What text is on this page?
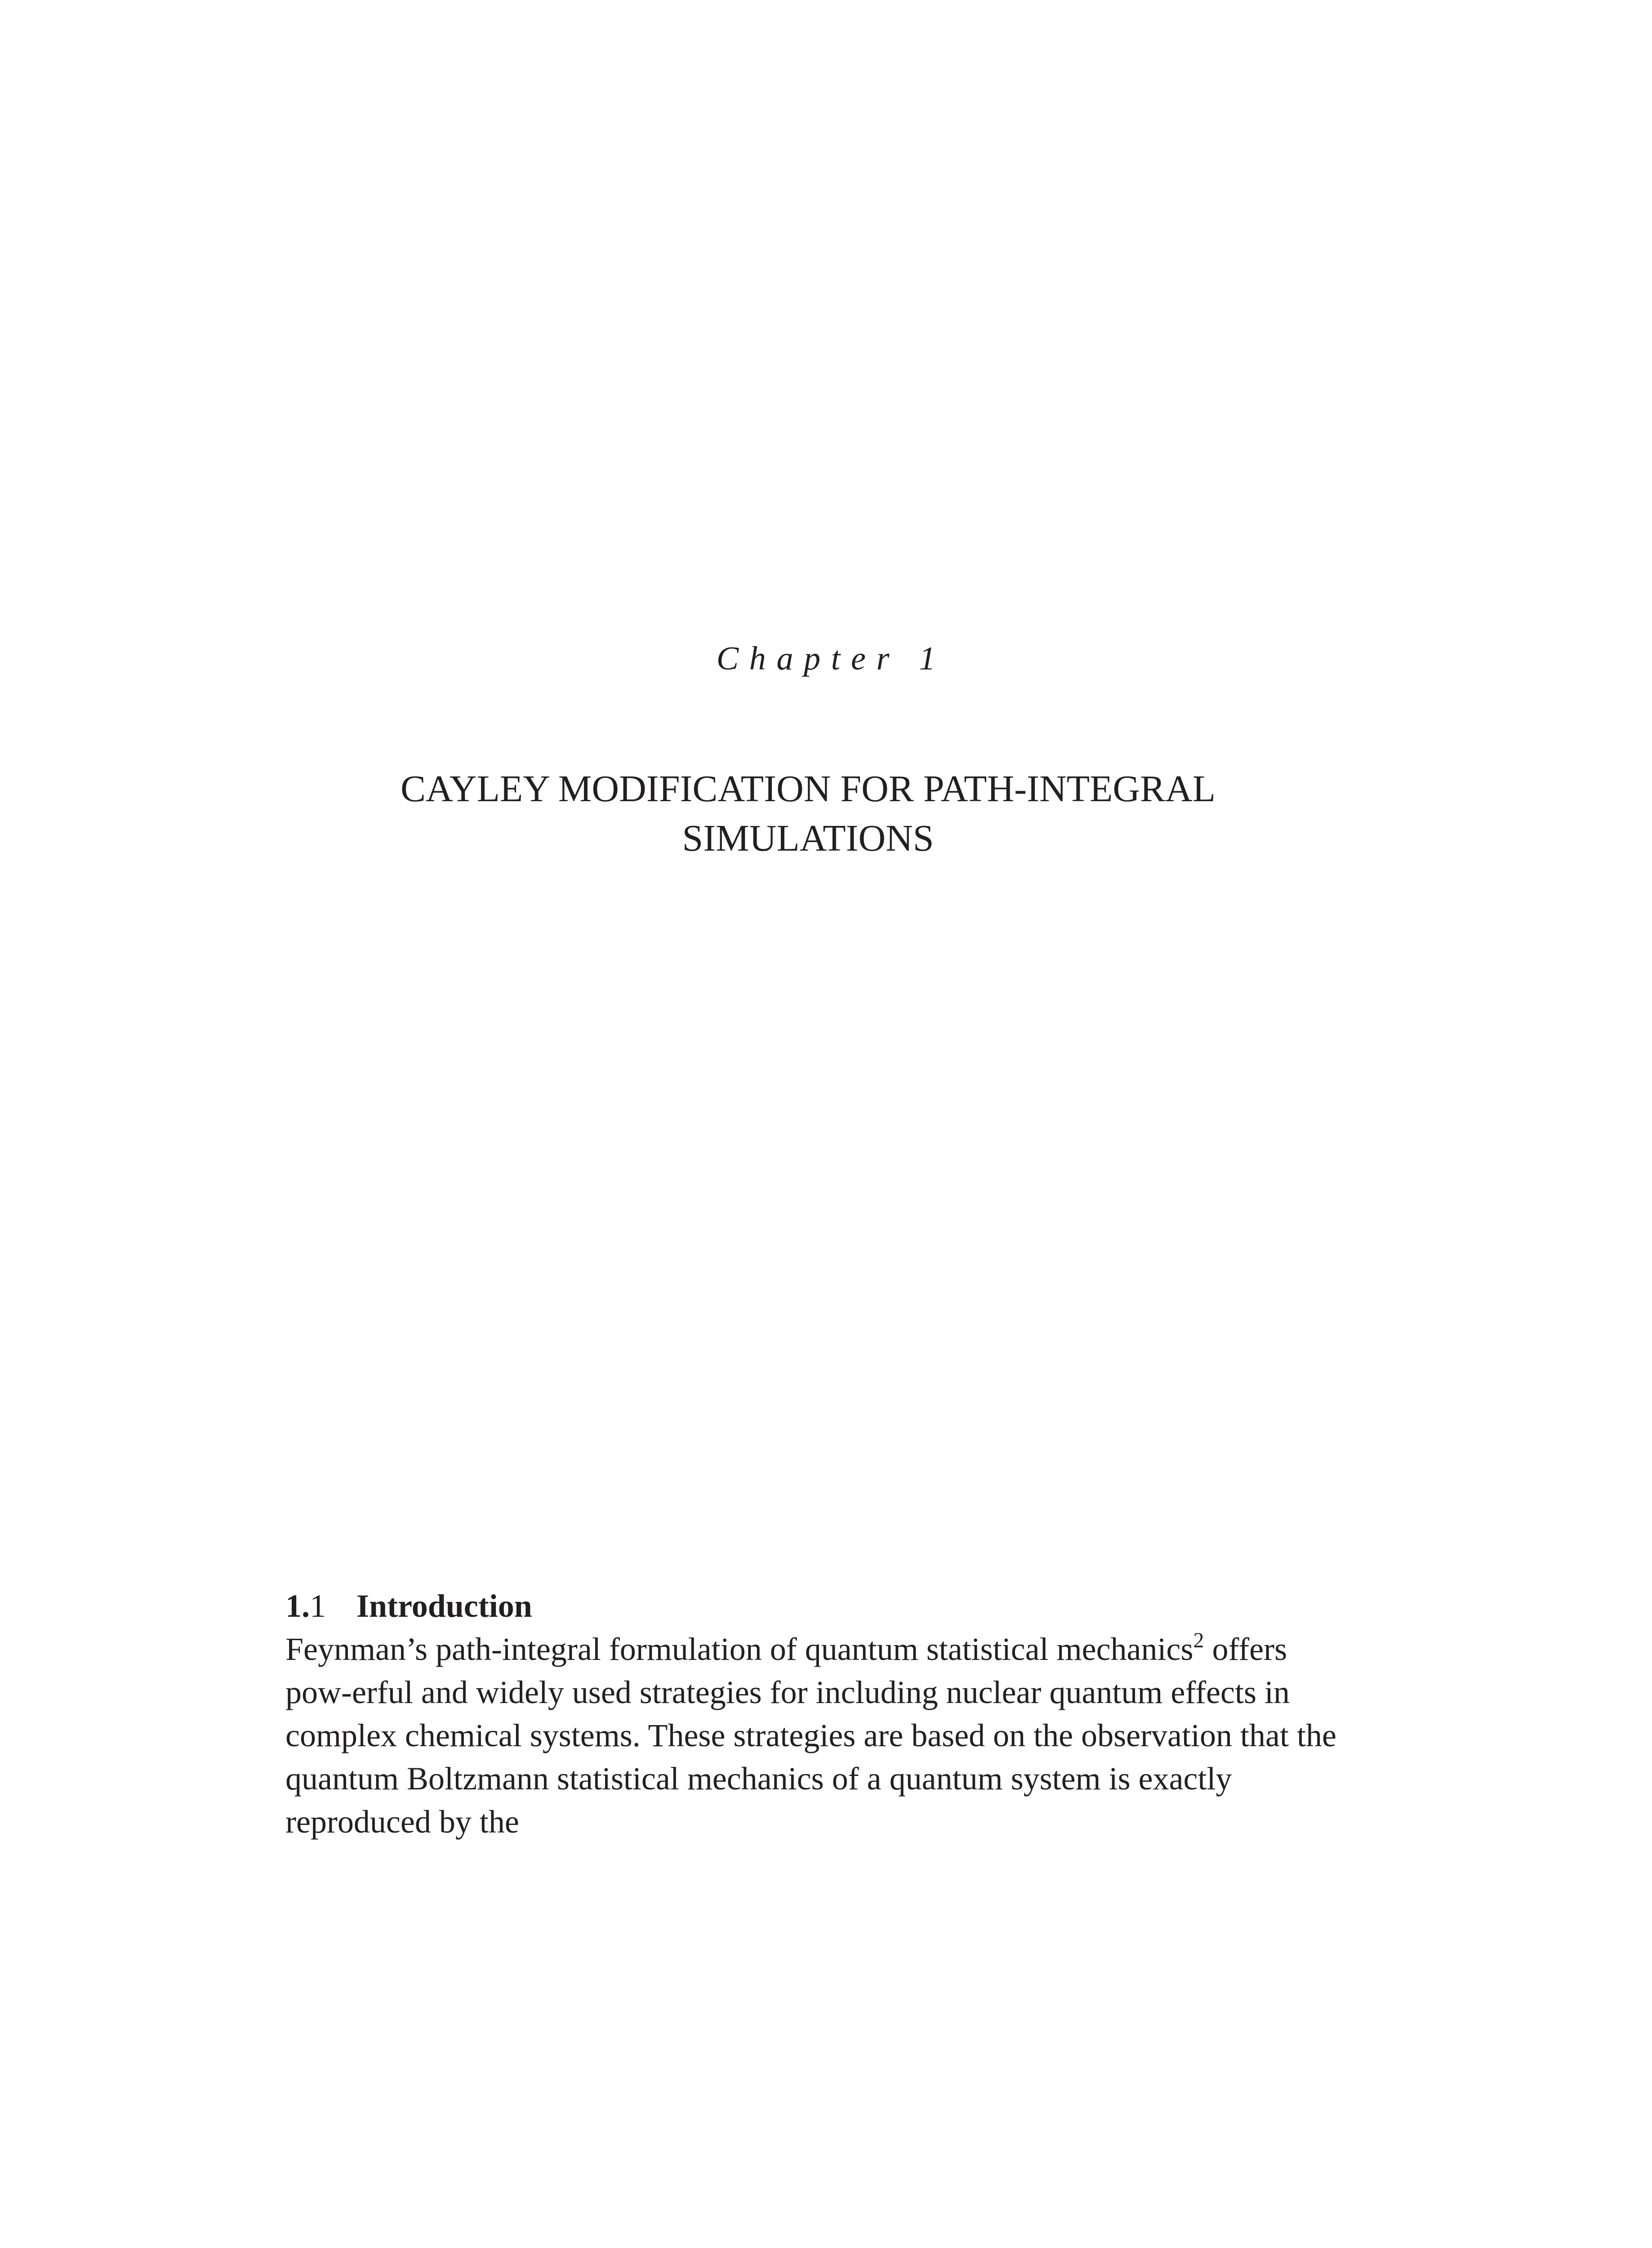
Chapter 1
CAYLEY MODIFICATION FOR PATH-INTEGRAL
SIMULATIONS
1.1 Introduction

Feynman’s path-integral formulation of quantum statistical mechanics$^2$ offers
pow-erful and widely used strategies for including nuclear quantum effects in
complex chemical systems. These strategies are based on the observation that the
quantum Boltzmann statistical mechanics of a quantum system is exactly
reproduced by the
